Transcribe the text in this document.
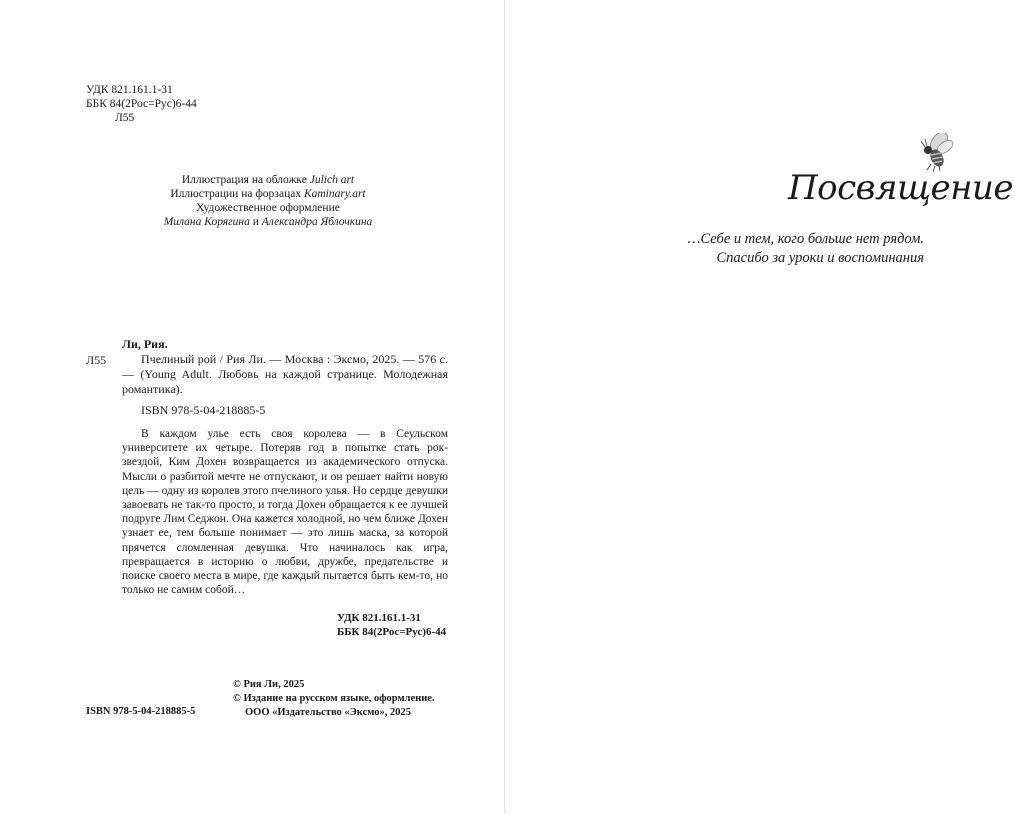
УДК 821.161.1-31
ББК 84(2Рос=Рус)6-44
Л55
Иллюстрация на обложке Julich art
Иллюстрации на форзацах Kaminary.art
Художественное оформление
Милана Корягина и Александра Яблочкина
Ли, Рия.
Л55	Пчелиный рой / Рия Ли. — Москва : Эксмо, 2025. — 576 с. — (Young Adult. Любовь на каждой странице. Молодежная романтика).
ISBN 978-5-04-218885-5
В каждом улье есть своя королева — в Сеульском университете их четыре. Потеряв год в попытке стать рок-звездой, Ким Дохен возвращается из академического отпуска. Мысли о разбитой мечте не отпускают, и он решает найти новую цель — одну из королев этого пчелиного улья. Но сердце девушки завоевать не так-то просто, и тогда Дохен обращается к ее лучшей подруге Лим Седжон. Она кажется холодной, но чем ближе Дохен узнает ее, тем больше понимает — это лишь маска, за которой прячется сломленная девушка. Что начиналось как игра, превращается в историю о любви, дружбе, предательстве и поиске своего места в мире, где каждый пытается быть кем-то, но только не самим собой…
УДК 821.161.1-31
ББК 84(2Рос=Рус)6-44
© Рия Ли, 2025
© Издание на русском языке, оформление.
ООО «Издательство «Эксмо», 2025
ISBN 978-5-04-218885-5
Посвящение
…Себе и тем, кого больше нет рядом.
Спасибо за уроки и воспоминания
